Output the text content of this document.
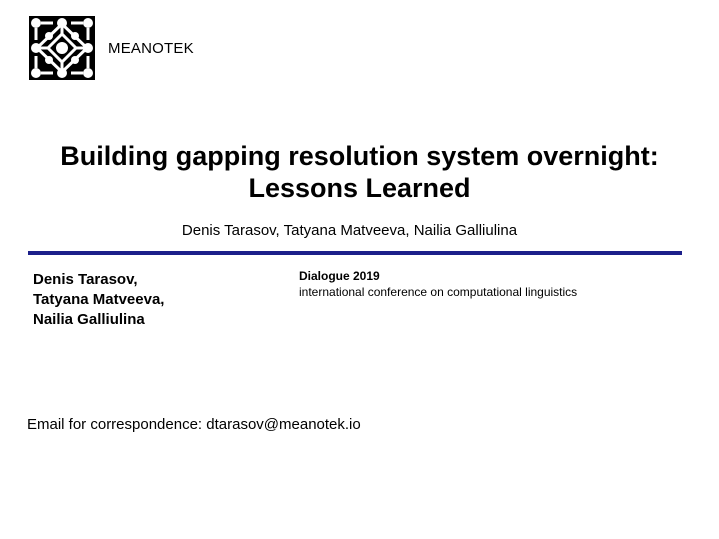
MEANOTEK
Building gapping resolution system overnight:
Lessons Learned
Denis Tarasov, Tatyana Matveeva, Nailia Galliulina
Denis Tarasov,
Tatyana Matveeva,
Nailia Galliulina
Dialogue 2019
international conference on computational linguistics
Email for correspondence: dtarasov@meanotek.io
